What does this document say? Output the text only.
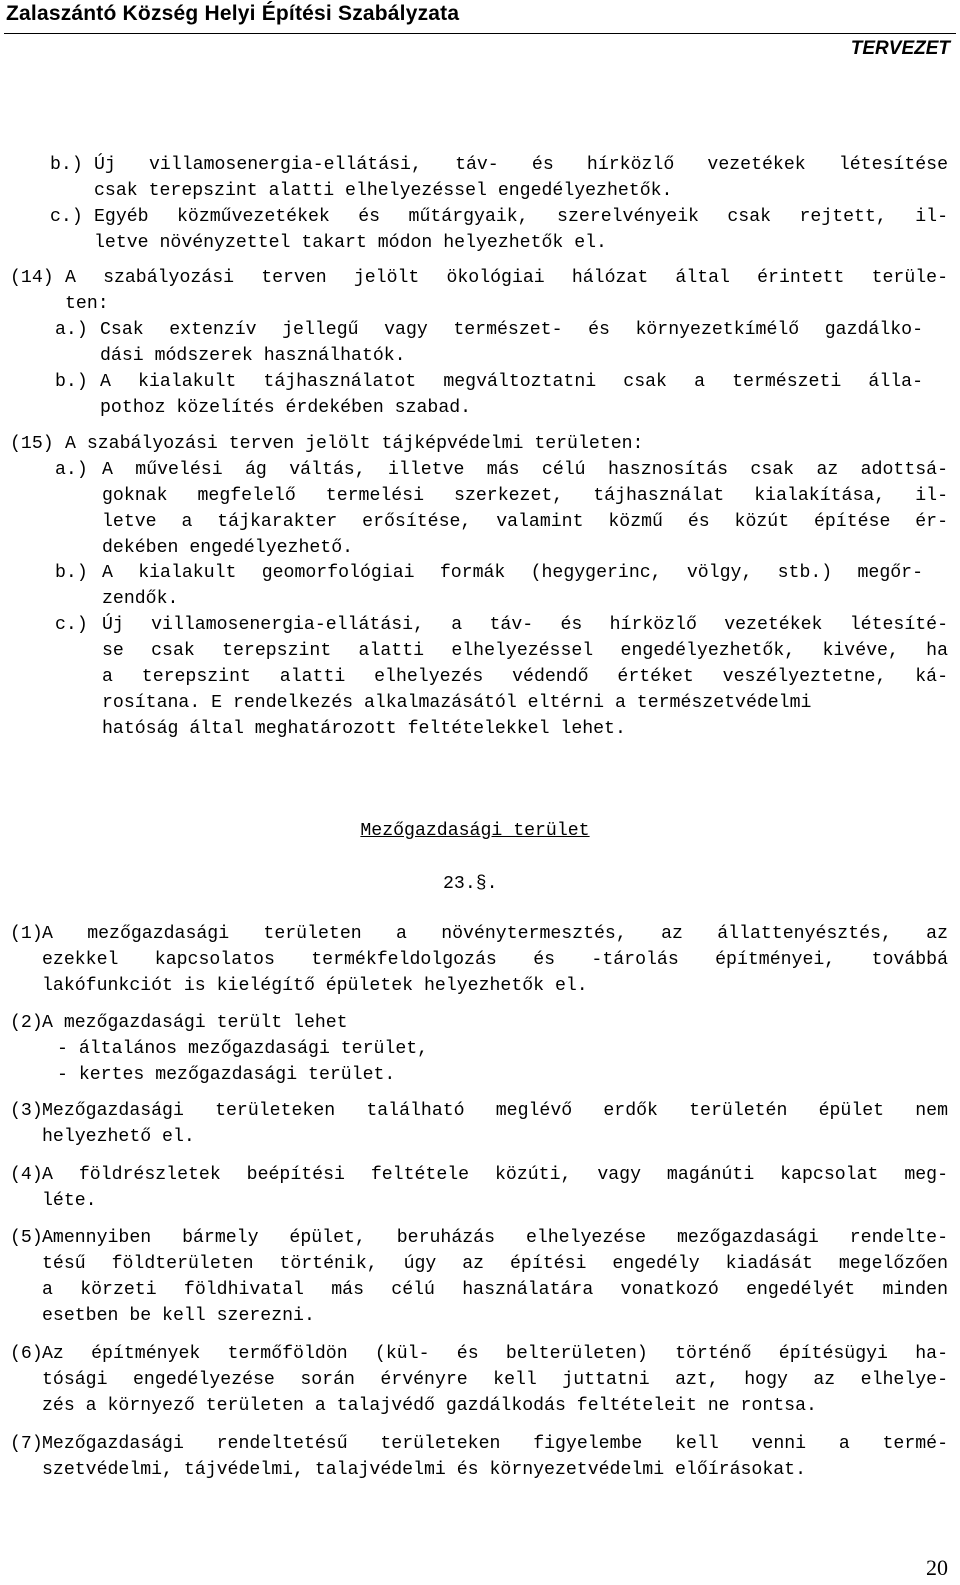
Zalaszántó Község Helyi Építési Szabályzata
TERVEZET
b.) Új villamosenergia-ellátási, táv- és hírközlő vezetékek létesítése
csak terepszint alatti elhelyezéssel engedélyezhetők.
c.) Egyéb közművezetékek és műtárgyaik, szerelvényeik csak rejtett, il-
letve növényzettel takart módon helyezhetők el.
(14) A szabályozási terven jelölt ökológiai hálózat által érintett terüle-
ten:
a.) Csak extenzív jellegű vagy természet- és környezetkímélő gazdálko-
dási módszerek használhatók.
b.) A kialakult tájhasználatot megváltoztatni csak a természeti álla-
pothoz közelítés érdekében szabad.
(15) A szabályozási terven jelölt tájképvédelmi területen:
a.) A művelési ág váltás, illetve más célú hasznosítás csak az adottsá-
goknak megfelelő termelési szerkezet, tájhasználat kialakítása, il-
letve a tájkarakter erősítése, valamint közmű és közút építése ér-
dekében engedélyezhető.
b.) A kialakult geomorfológiai formák (hegygerinc, völgy, stb.) megőr-
zendők.
c.) Új villamosenergia-ellátási, a táv- és hírközlő vezetékek létesíté-
se csak terepszint alatti elhelyezéssel engedélyezhetők, kivéve, ha
a terepszint alatti elhelyezés védendő értéket veszélyeztetne, ká-
rosítana. E rendelkezés alkalmazásától eltérni a természetvédelmi
hatóság által meghatározott feltételekkel lehet.
Mezőgazdasági terület
23.§.
(1) A mezőgazdasági területen a növénytermesztés, az állattenyésztés, az
ezekkel kapcsolatos termékfeldolgozás és -tárolás építményei, továbbá
lakófunkciót is kielégítő épületek helyezhetők el.
(2) A mezőgazdasági terült lehet
- általános mezőgazdasági terület,
- kertes mezőgazdasági terület.
(3) Mezőgazdasági területeken található meglévő erdők területén épület nem
helyezhető el.
(4) A földrészletek beépítési feltétele közúti, vagy magánúti kapcsolat meg-
léte.
(5) Amennyiben bármely épület, beruházás elhelyezése mezőgazdasági rendelte-
tésű földterületen történik, úgy az építési engedély kiadását megelőzően
a körzeti földhivatal más célú használatára vonatkozó engedélyét minden
esetben be kell szerezni.
(6) Az építmények termőföldön (kül- és belterületen) történő építésügyi ha-
tósági engedélyezése során érvényre kell juttatni azt, hogy az elhelye-
zés a környező területen a talajvédő gazdálkodás feltételeit ne rontsa.
(7) Mezőgazdasági rendeltetésű területeken figyelembe kell venni a termé-
szetvédelmi, tájvédelmi, talajvédelmi és környezetvédelmi előírásokat.
20
